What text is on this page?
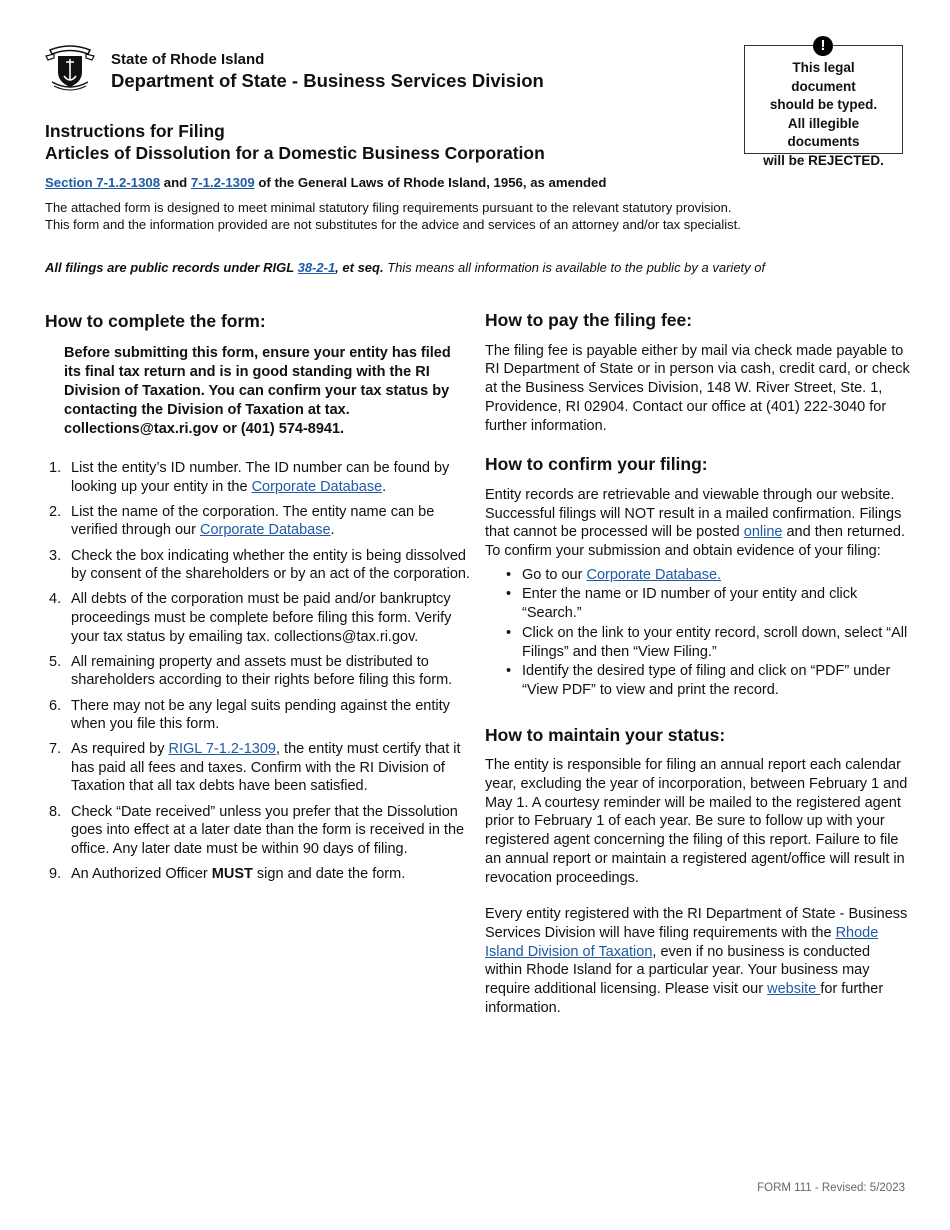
State of Rhode Island
Department of State - Business Services Division
!
This legal document
should be typed.
All illegible
documents
will be REJECTED.
Instructions for Filing
Articles of Dissolution for a Domestic Business Corporation
Section 7-1.2-1308 and 7-1.2-1309 of the General Laws of Rhode Island, 1956, as amended
The attached form is designed to meet minimal statutory filing requirements pursuant to the relevant statutory provision.
This form and the information provided are not substitutes for the advice and services of an attorney and/or tax specialist.
All filings are public records under RIGL 38-2-1, et seq. This means all information is available to the public by a variety of
How to complete the form:
Before submitting this form, ensure your entity has filed its final tax return and is in good standing with the RI Division of Taxation. You can confirm your tax status by contacting the Division of Taxation at tax. collections@tax.ri.gov or (401) 574-8941.
1. List the entity’s ID number. The ID number can be found by looking up your entity in the Corporate Database.
2. List the name of the corporation. The entity name can be verified through our Corporate Database.
3. Check the box indicating whether the entity is being dissolved by consent of the shareholders or by an act of the corporation.
4. All debts of the corporation must be paid and/or bankruptcy proceedings must be complete before filing this form. Verify your tax status by emailing tax. collections@tax.ri.gov.
5. All remaining property and assets must be distributed to shareholders according to their rights before filing this form.
6. There may not be any legal suits pending against the entity when you file this form.
7. As required by RIGL 7-1.2-1309, the entity must certify that it has paid all fees and taxes. Confirm with the RI Division of Taxation that all tax debts have been satisfied.
8. Check “Date received” unless you prefer that the Dissolution goes into effect at a later date than the form is received in the office. Any later date must be within 90 days of filing.
9. An Authorized Officer MUST sign and date the form.
How to pay the filing fee:

The filing fee is payable either by mail via check made payable to RI Department of State or in person via cash, credit card, or check at the Business Services Division, 148 W. River Street, Ste. 1, Providence, RI 02904. Contact our office at (401) 222-3040 for further information.

How to confirm your filing:

Entity records are retrievable and viewable through our website. Successful filings will NOT result in a mailed confirmation. Filings that cannot be processed will be posted online and then returned. To confirm your submission and obtain evidence of your filing:

• Go to our Corporate Database.
• Enter the name or ID number of your entity and click “Search.”
• Click on the link to your entity record, scroll down, select “All Filings” and then “View Filing.”
• Identify the desired type of filing and click on “PDF” under “View PDF” to view and print the record.
How to maintain your status:

The entity is responsible for filing an annual report each calendar year, excluding the year of incorporation, between February 1 and May 1. A courtesy reminder will be mailed to the registered agent prior to February 1 of each year. Be sure to follow up with your registered agent concerning the filing of this report. Failure to file an annual report or maintain a registered agent/office will result in revocation proceedings.

Every entity registered with the RI Department of State - Business Services Division will have filing requirements with the Rhode Island Division of Taxation, even if no business is conducted within Rhode Island for a particular year. Your business may require additional licensing. Please visit our website for further information.

FORM 111 - Revised: 5/2023
